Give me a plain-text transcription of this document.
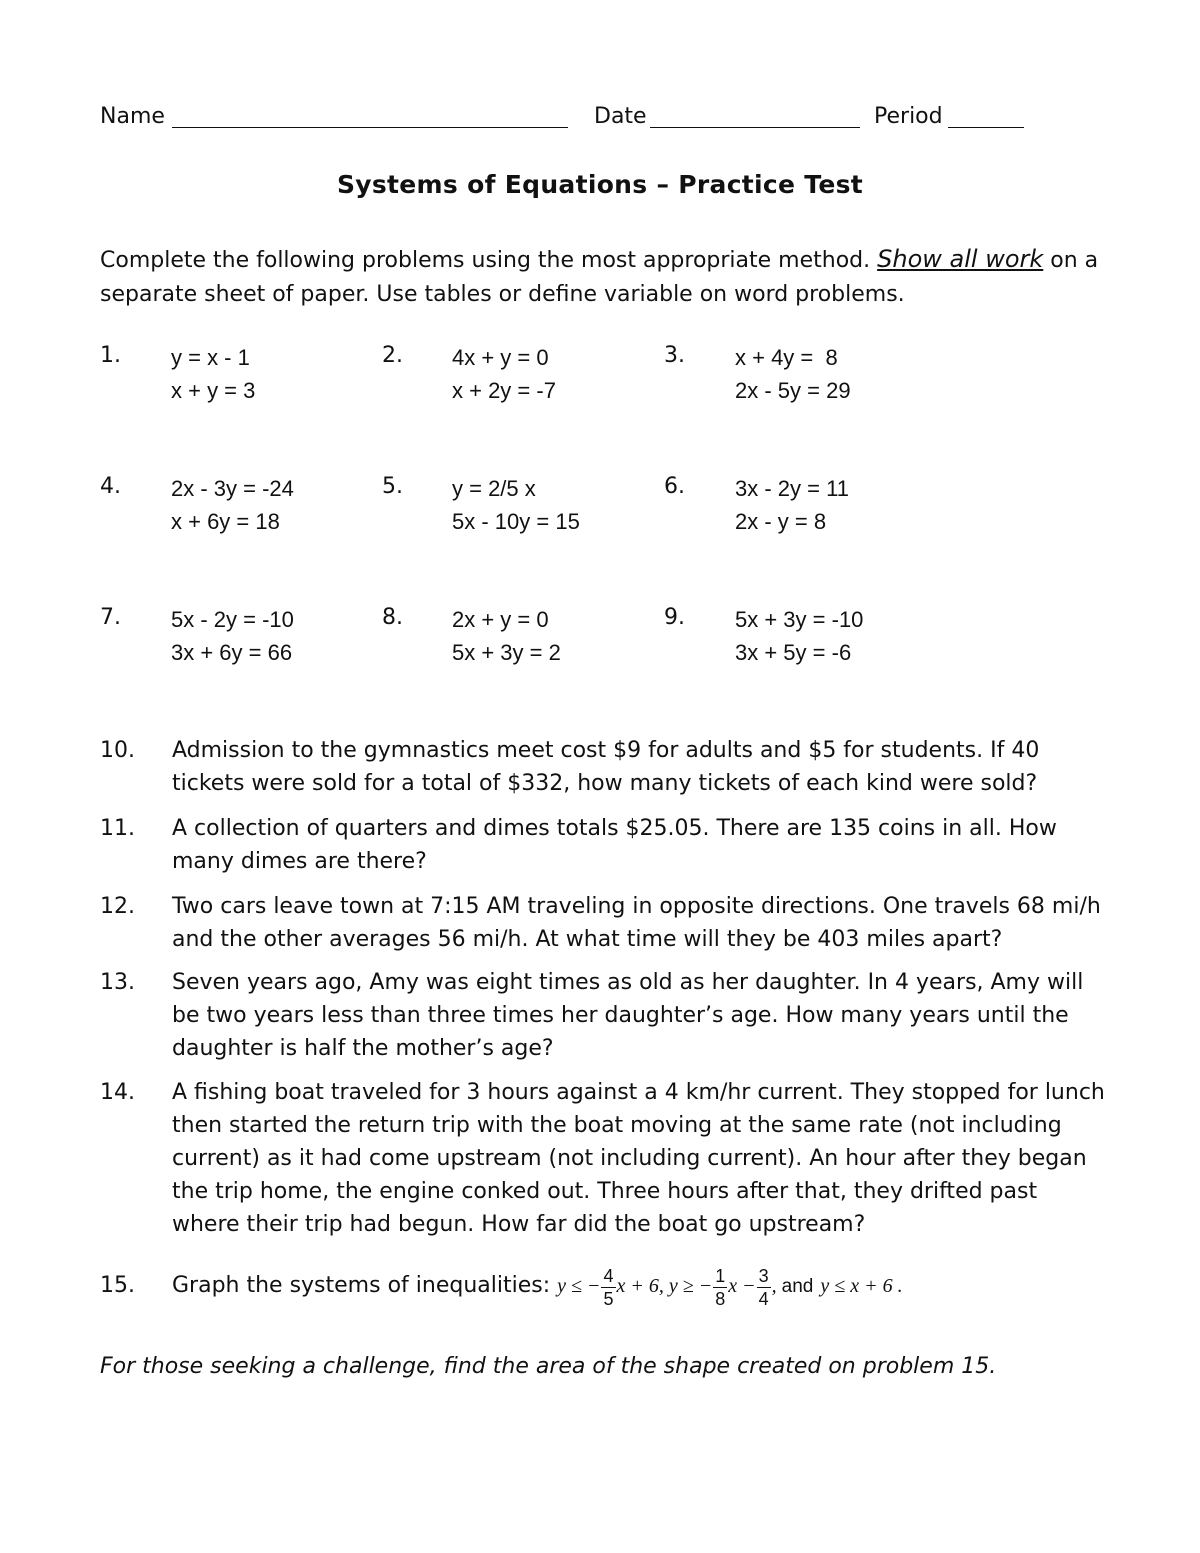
Name	Date	Period
Systems of Equations – Practice Test
Complete the following problems using the most appropriate method. Show all work on a separate sheet of paper. Use tables or define variable on word problems.
1. y = x - 1
x + y = 3
2. 4x + y = 0
x + 2y = -7
3. x + 4y =  8
2x - 5y = 29
4. 2x - 3y = -24
x + 6y = 18
5. y = 2/5 x
5x - 10y = 15
6. 3x - 2y = 11
2x - y = 8
7. 5x - 2y = -10
3x + 6y = 66
8. 2x + y = 0
5x + 3y = 2
9. 5x + 3y = -10
3x + 5y = -6
10. Admission to the gymnastics meet cost $9 for adults and $5 for students. If 40 tickets were sold for a total of $332, how many tickets of each kind were sold?
11. A collection of quarters and dimes totals $25.05. There are 135 coins in all. How many dimes are there?
12. Two cars leave town at 7:15 AM traveling in opposite directions. One travels 68 mi/h and the other averages 56 mi/h. At what time will they be 403 miles apart?
13. Seven years ago, Amy was eight times as old as her daughter. In 4 years, Amy will be two years less than three times her daughter’s age. How many years until the daughter is half the mother’s age?
14. A fishing boat traveled for 3 hours against a 4 km/hr current. They stopped for lunch then started the return trip with the boat moving at the same rate (not including current) as it had come upstream (not including current). An hour after they began the trip home, the engine conked out. Three hours after that, they drifted past where their trip had begun. How far did the boat go upstream?
15. Graph the systems of inequalities: y ≤ − $\frac{4}{5}$ x + 6, y ≥ − $\frac{1}{8}$ $x - \frac{3}{4}$ , and y ≤ x + 6 .
For those seeking a challenge, find the area of the shape created on problem 15.
